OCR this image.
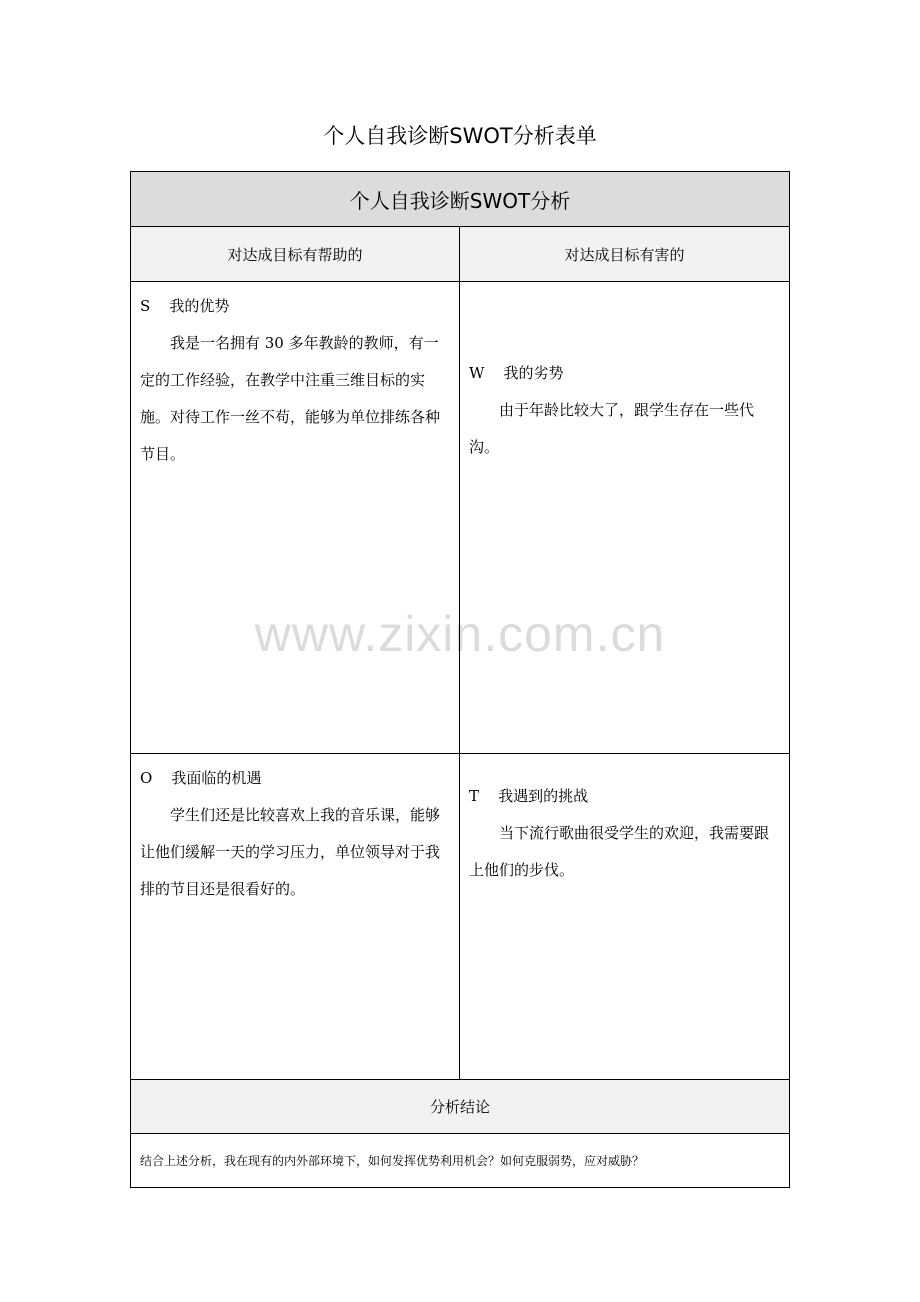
个人自我诊断SWOT分析表单
个人自我诊断SWOT分析
对达成目标有帮助的	对达成目标有害的
S    我的优势
我是一名拥有 30 多年教龄的教师，有一定的工作经验，在教学中注重三维目标的实施。对待工作一丝不苟，能够为单位排练各种节目。
W    我的劣势
由于年龄比较大了，跟学生存在一些代沟。
O    我面临的机遇
学生们还是比较喜欢上我的音乐课，能够让他们缓解一天的学习压力，单位领导对于我排的节目还是很看好的。
T    我遇到的挑战
当下流行歌曲很受学生的欢迎，我需要跟上他们的步伐。
分析结论
结合上述分析，我在现有的内外部环境下，如何发挥优势利用机会？如何克服弱势，应对威胁？
www.zixin.com.cn
